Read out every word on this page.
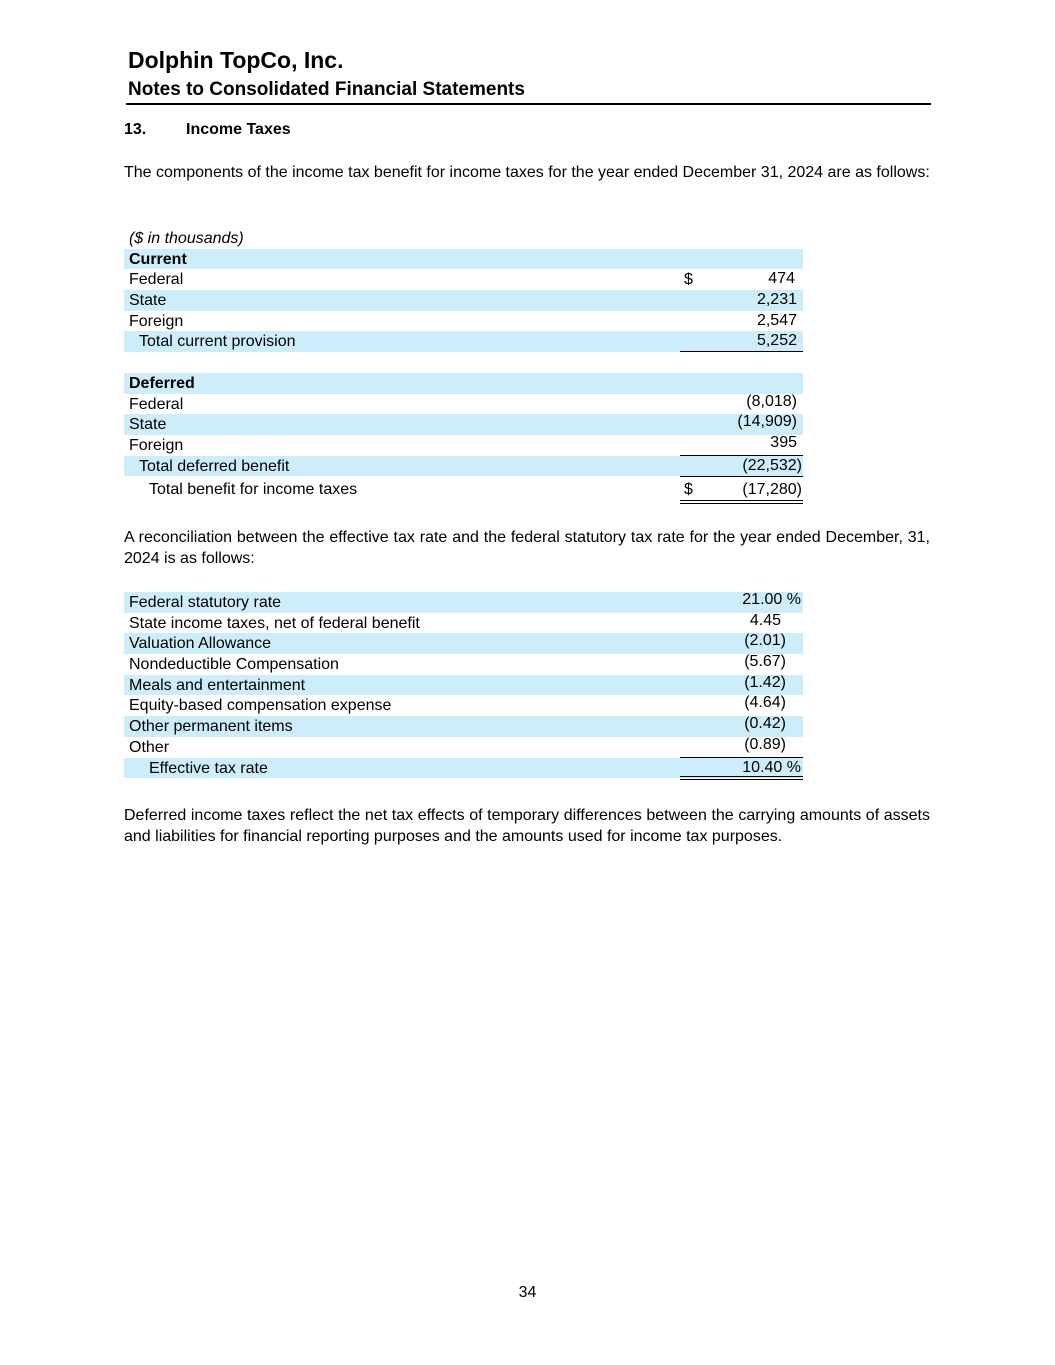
Dolphin TopCo, Inc.
Notes to Consolidated Financial Statements
13. Income Taxes
The components of the income tax benefit for income taxes for the year ended December 31, 2024 are as follows:
($ in thousands)
Current
Federal	$	474
State	2,231
Foreign	2,547
Total current provision	5,252
Deferred
Federal	(8,018)
State	(14,909)
Foreign	395
Total deferred benefit	(22,532)
Total benefit for income taxes	$	(17,280)
A reconciliation between the effective tax rate and the federal statutory tax rate for the year ended December, 31, 2024 is as follows:
Federal statutory rate	21.00 %
State income taxes, net of federal benefit	4.45
Valuation Allowance	(2.01)
Nondeductible Compensation	(5.67)
Meals and entertainment	(1.42)
Equity-based compensation expense	(4.64)
Other permanent items	(0.42)
Other	(0.89)
Effective tax rate	10.40 %
Deferred income taxes reflect the net tax effects of temporary differences between the carrying amounts of assets and liabilities for financial reporting purposes and the amounts used for income tax purposes.
34
